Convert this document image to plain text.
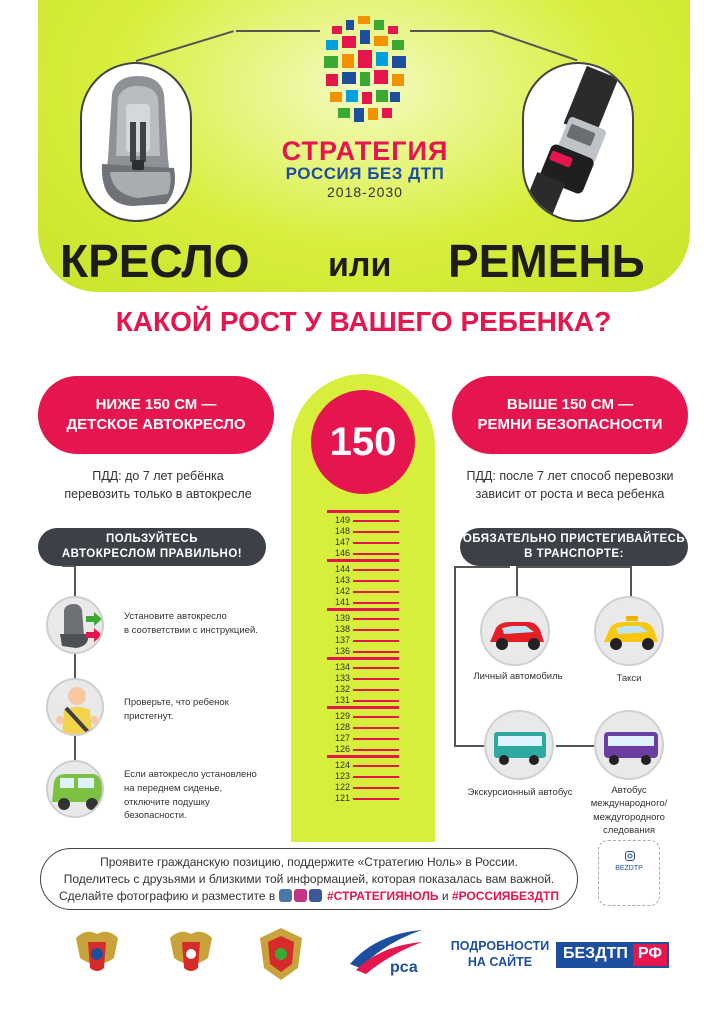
СТРАТЕГИЯ
РОССИЯ БЕЗ ДТП
2018-2030
КРЕСЛО или РЕМЕНЬ
КАКОЙ РОСТ У ВАШЕГО РЕБЕНКА?
НИЖЕ 150 СМ —
ДЕТСКОЕ АВТОКРЕСЛО
ВЫШЕ 150 СМ —
РЕМНИ БЕЗОПАСНОСТИ
ПДД: до 7 лет ребёнка
перевозить только в автокресле
ПДД: после 7 лет способ перевозки
зависит от роста и веса ребенка
150
149
148
147
146
144
143
142
141
139
138
137
136
134
133
132
131
129
128
127
126
124
123
122
121
ПОЛЬЗУЙТЕСЬ
АВТОКРЕСЛОМ ПРАВИЛЬНО!
Установите автокресло
в соответствии с инструкцией.
Проверьте, что ребенок
пристегнут.
Если автокресло установлено
на переднем сиденье,
отключите подушку
безопасности.
ОБЯЗАТЕЛЬНО ПРИСТЕГИВАЙТЕСЬ
В ТРАНСПОРТЕ:
Личный автомобиль	Такси
Экскурсионный автобус	Автобус
международного/
междугородного
следования
Проявите гражданскую позицию, поддержите «Стратегию Ноль» в России.
Поделитесь с друзьями и близкими той информацией, которая показалась вам важной.
Сделайте фотографию и разместите в	#СТРАТЕГИЯНОЛЬ и #РОССИЯБЕЗДТП
BEZDTP
рса
ПОДРОБНОСТИ
НА САЙТЕ
БЕЗДТП РФ
